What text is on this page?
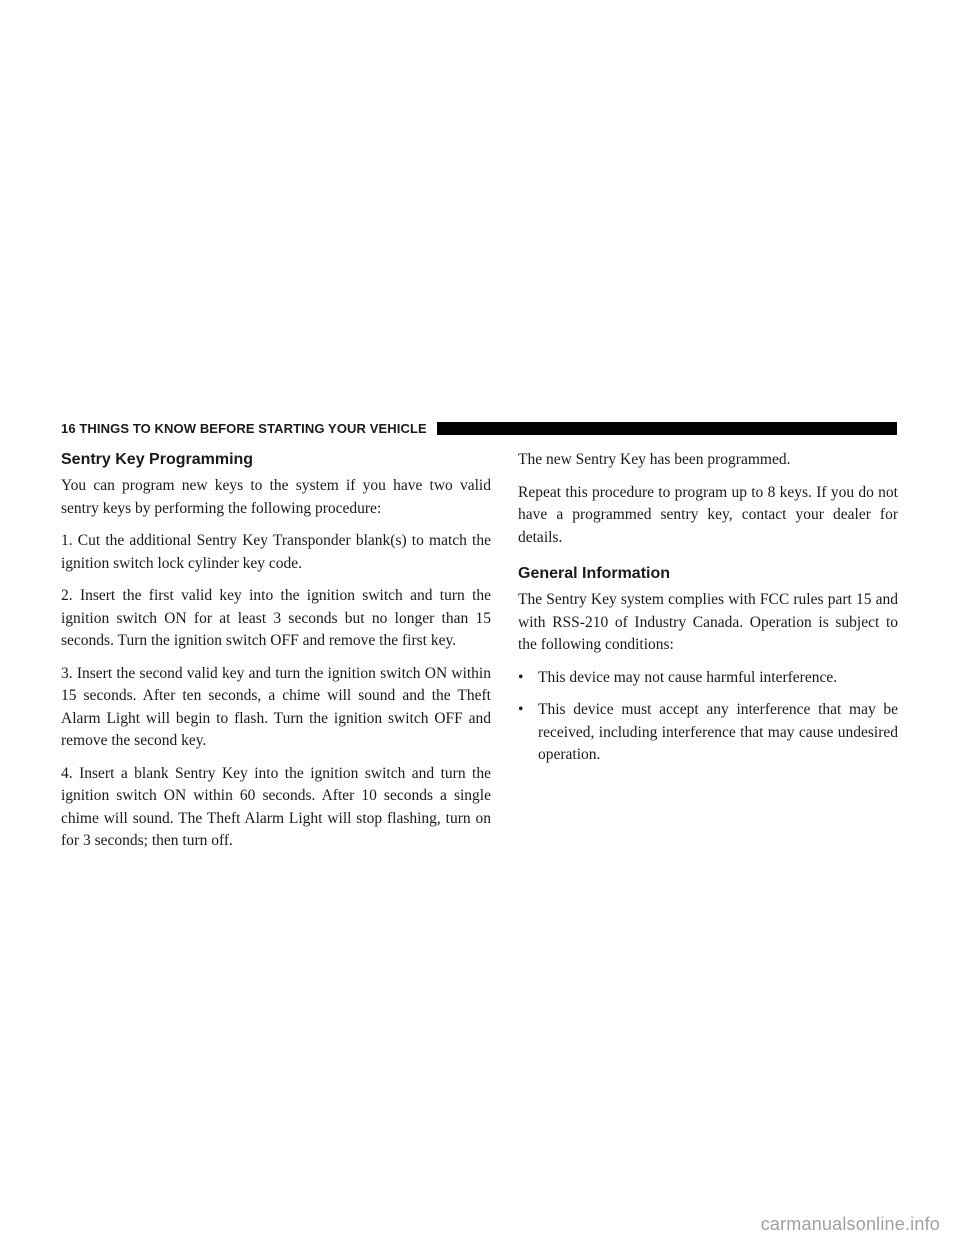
16 THINGS TO KNOW BEFORE STARTING YOUR VEHICLE
Sentry Key Programming

You can program new keys to the system if you have two valid sentry keys by performing the following procedure:

1. Cut the additional Sentry Key Transponder blank(s) to match the ignition switch lock cylinder key code.

2. Insert the first valid key into the ignition switch and turn the ignition switch ON for at least 3 seconds but no longer than 15 seconds. Turn the ignition switch OFF and remove the first key.

3. Insert the second valid key and turn the ignition switch ON within 15 seconds. After ten seconds, a chime will sound and the Theft Alarm Light will begin to flash. Turn the ignition switch OFF and remove the second key.

4. Insert a blank Sentry Key into the ignition switch and turn the ignition switch ON within 60 seconds. After 10 seconds a single chime will sound. The Theft Alarm Light will stop flashing, turn on for 3 seconds; then turn off.

The new Sentry Key has been programmed.

Repeat this procedure to program up to 8 keys. If you do not have a programmed sentry key, contact your dealer for details.

General Information

The Sentry Key system complies with FCC rules part 15 and with RSS-210 of Industry Canada. Operation is subject to the following conditions:

• This device may not cause harmful interference.
• This device must accept any interference that may be received, including interference that may cause undesired operation.
carmanualsonline.info
